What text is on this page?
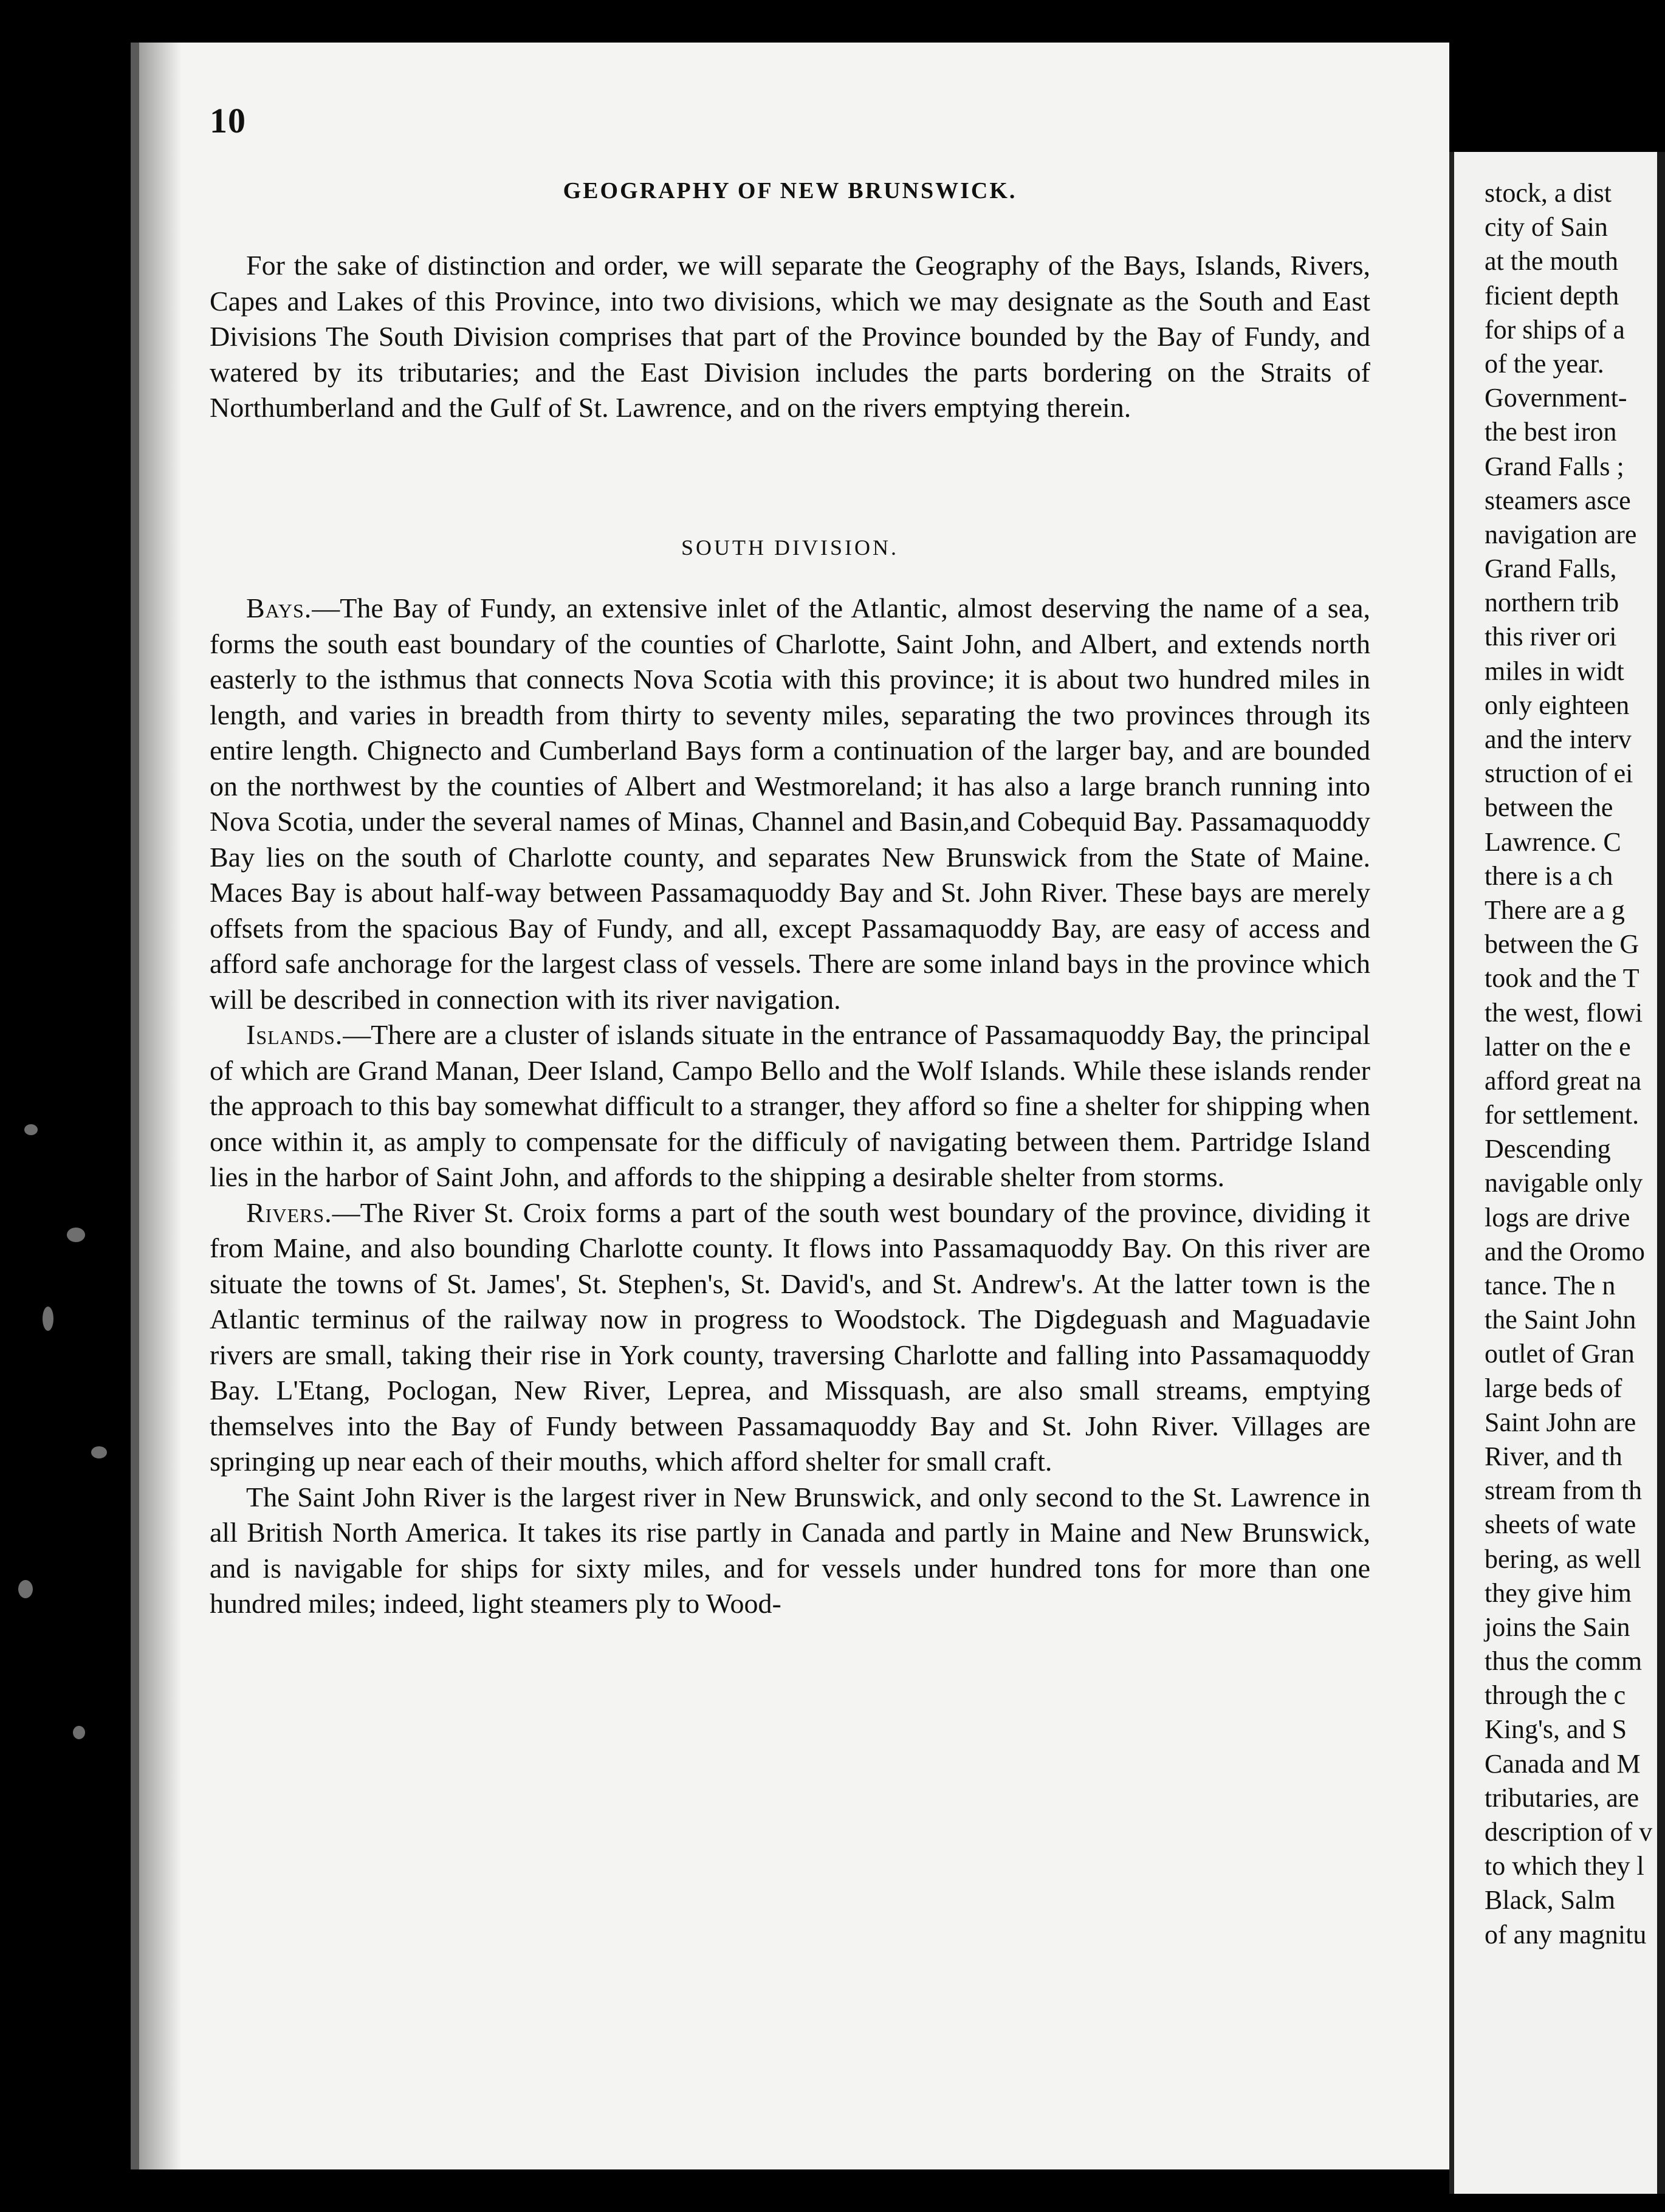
10
GEOGRAPHY OF NEW BRUNSWICK.

For the sake of distinction and order, we will separate the Geography of the Bays, Islands, Rivers, Capes and Lakes of this Province, into two divisions, which we may designate as the South and East Divisions The South Division comprises that part of the Province bounded by the Bay of Fundy, and watered by its tributaries; and the East Division includes the parts bordering on the Straits of Northumberland and the Gulf of St. Lawrence, and on the rivers emptying therein.

SOUTH DIVISION.

Bays.—The Bay of Fundy, an extensive inlet of the Atlantic, almost deserving the name of a sea, forms the south east boundary of the counties of Charlotte, Saint John, and Albert, and extends north easterly to the isthmus that connects Nova Scotia with this province; it is about two hundred miles in length, and varies in breadth from thirty to seventy miles, separating the two provinces through its entire length. Chignecto and Cumberland Bays form a continuation of the larger bay, and are bounded on the northwest by the counties of Albert and Westmoreland; it has also a large branch running into Nova Scotia, under the several names of Minas, Channel and Basin,and Cobequid Bay. Passamaquoddy Bay lies on the south of Charlotte county, and separates New Brunswick from the State of Maine. Maces Bay is about half-way between Passamaquoddy Bay and St. John River. These bays are merely offsets from the spacious Bay of Fundy, and all, except Passamaquoddy Bay, are easy of access and afford safe anchorage for the largest class of vessels. There are some inland bays in the province which will be described in connection with its river navigation.

Islands.—There are a cluster of islands situate in the entrance of Passamaquoddy Bay, the principal of which are Grand Manan, Deer Island, Campo Bello and the Wolf Islands. While these islands render the approach to this bay somewhat difficult to a stranger, they afford so fine a shelter for shipping when once within it, as amply to compensate for the difficuly of navigating between them. Partridge Island lies in the harbor of Saint John, and affords to the shipping a desirable shelter from storms.

Rivers.—The River St. Croix forms a part of the south west boundary of the province, dividing it from Maine, and also bounding Charlotte county. It flows into Passamaquoddy Bay. On this river are situate the towns of St. James', St. Stephen's, St. David's, and St. Andrew's. At the latter town is the Atlantic terminus of the railway now in progress to Woodstock. The Digdeguash and Maguadavie rivers are small, taking their rise in York county, traversing Charlotte and falling into Passamaquoddy Bay. L'Etang, Poclogan, New River, Leprea, and Missquash, are also small streams, emptying themselves into the Bay of Fundy between Passamaquoddy Bay and St. John River. Villages are springing up near each of their mouths, which afford shelter for small craft.

The Saint John River is the largest river in New Brunswick, and only second to the St. Lawrence in all British North America. It takes its rise partly in Canada and partly in Maine and New Brunswick, and is navigable for ships for sixty miles, and for vessels under hundred tons for more than one hundred miles; indeed, light steamers ply to Wood-

stock, a dist
city of Sain
at the mouth
ficient depth
for ships of a
of the year.
Government-
the best iron
Grand Falls ;
steamers asce
navigation are
Grand Falls,
northern trib
this river ori
miles in widt
only eighteen
and the interv
struction of ei
between the
Lawrence. C
there is a ch
There are a g
between the G
took and the T
the west, flowi
latter on the e
afford great na
for settlement.
Descending
navigable only
logs are drive
and the Oromo
tance. The n
the Saint John
outlet of Gran
large beds of
Saint John are
River, and th
stream from th
sheets of wate
bering, as well
they give him
joins the Sain
thus the comm
through the c
King's, and S
Canada and M
tributaries, are
description of v
to which they l
Black, Salm
of any magnitu
